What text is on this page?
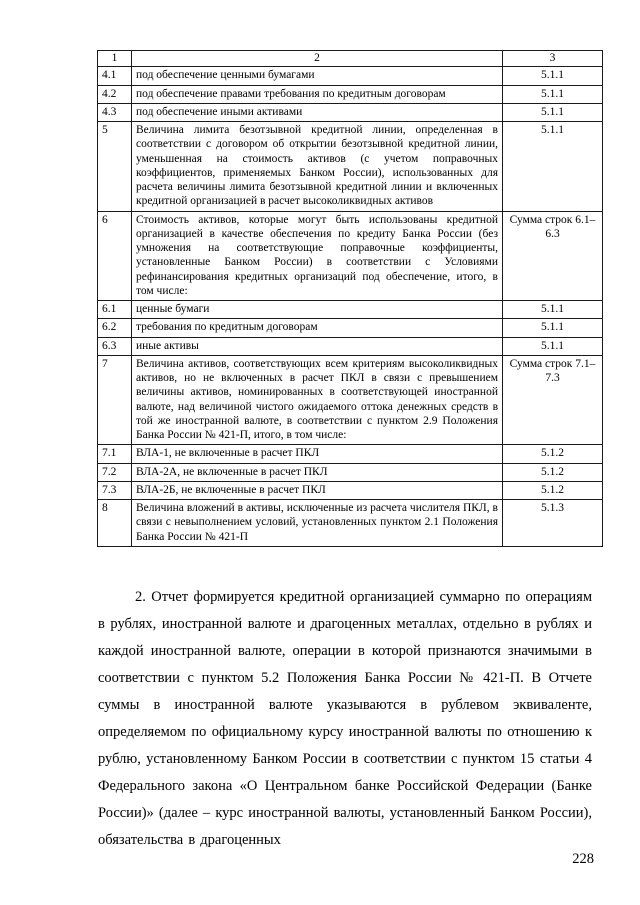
1	2	3
4.1	под обеспечение ценными бумагами	5.1.1
4.2	под обеспечение правами требования по кредитным договорам	5.1.1
4.3	под обеспечение иными активами	5.1.1
5	Величина лимита безотзывной кредитной линии, определенная в соответствии с договором об открытии безотзывной кредитной линии, уменьшенная на стоимость активов (с учетом поправочных коэффициентов, применяемых Банком России), использованных для расчета величины лимита безотзывной кредитной линии и включенных кредитной организацией в расчет высоколиквидных активов	5.1.1
6	Стоимость активов, которые могут быть использованы кредитной организацией в качестве обеспечения по кредиту Банка России (без умножения на соответствующие поправочные коэффициенты, установленные Банком России) в соответствии с Условиями рефинансирования кредитных организаций под обеспечение, итого, в том числе:	Сумма строк 6.1–6.3
6.1	ценные бумаги	5.1.1
6.2	требования по кредитным договорам	5.1.1
6.3	иные активы	5.1.1
7	Величина активов, соответствующих всем критериям высоколиквидных активов, но не включенных в расчет ПКЛ в связи с превышением величины активов, номинированных в соответствующей иностранной валюте, над величиной чистого ожидаемого оттока денежных средств в той же иностранной валюте, в соответствии с пунктом 2.9 Положения Банка России № 421-П, итого, в том числе:	Сумма строк 7.1–7.3
7.1	ВЛА-1, не включенные в расчет ПКЛ	5.1.2
7.2	ВЛА-2А, не включенные в расчет ПКЛ	5.1.2
7.3	ВЛА-2Б, не включенные в расчет ПКЛ	5.1.2
8	Величина вложений в активы, исключенные из расчета числителя ПКЛ, в связи с невыполнением условий, установленных пунктом 2.1 Положения Банка России № 421-П	5.1.3

2. Отчет формируется кредитной организацией суммарно по операциям в рублях, иностранной валюте и драгоценных металлах, отдельно в рублях и каждой иностранной валюте, операции в которой признаются значимыми в соответствии с пунктом 5.2 Положения Банка России № 421-П. В Отчете суммы в иностранной валюте указываются в рублевом эквиваленте, определяемом по официальному курсу иностранной валюты по отношению к рублю, установленному Банком России в соответствии с пунктом 15 статьи 4 Федерального закона «О Центральном банке Российской Федерации (Банке России)» (далее – курс иностранной валюты, установленный Банком России), обязательства в драгоценных

228
